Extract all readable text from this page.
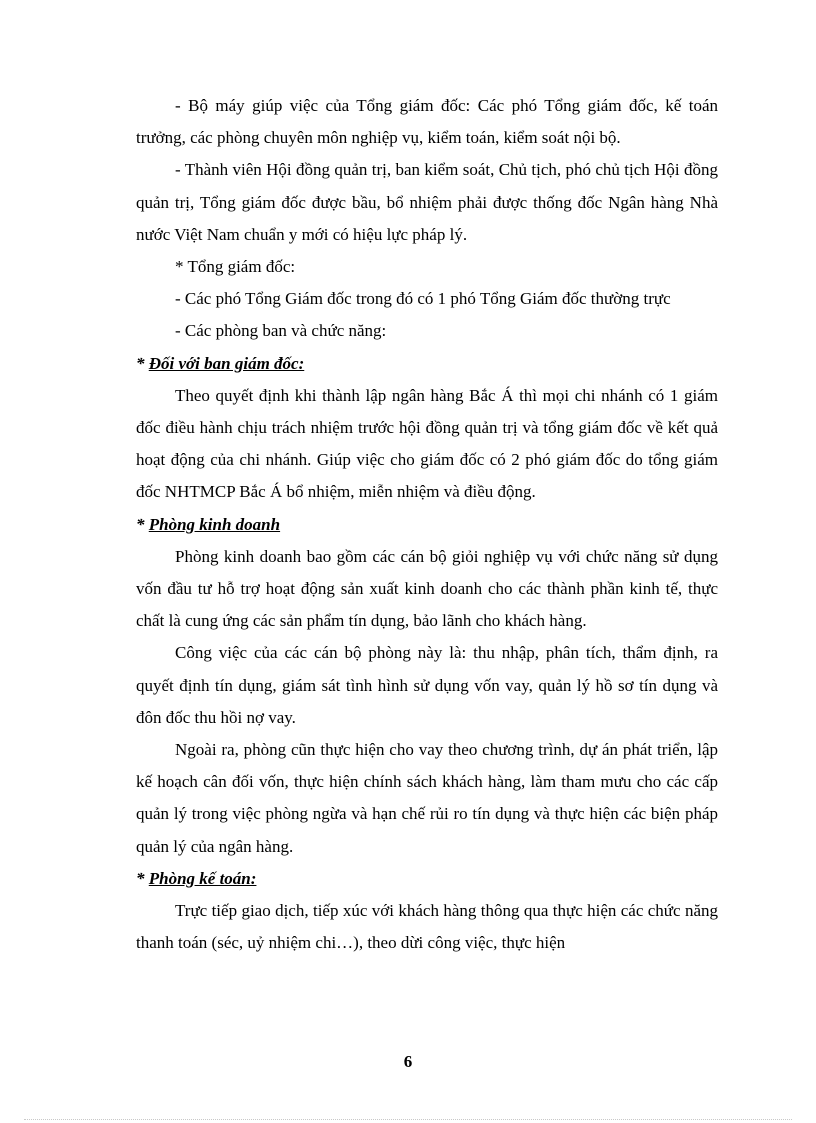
- Bộ máy giúp việc của Tổng giám đốc: Các phó Tổng giám đốc, kế toán trưởng, các phòng chuyên môn nghiệp vụ, kiểm toán, kiểm soát nội bộ.

- Thành viên Hội đồng quản trị, ban kiểm soát, Chủ tịch, phó chủ tịch Hội đồng quản trị, Tổng giám đốc được bầu, bổ nhiệm phải được thống đốc Ngân hàng Nhà nước Việt Nam chuẩn y mới có hiệu lực pháp lý.

* Tổng giám đốc:

- Các phó Tổng Giám đốc trong đó có 1 phó Tổng Giám đốc thường trực

- Các phòng ban và chức năng:

* Đối với ban giám đốc:

Theo quyết định khi thành lập ngân hàng Bắc Á thì mọi chi nhánh có 1 giám đốc điều hành chịu trách nhiệm trước hội đồng quản trị và tổng giám đốc về kết quả hoạt động của chi nhánh. Giúp việc cho giám đốc có 2 phó giám đốc do tổng giám đốc NHTMCP Bắc Á bổ nhiệm, miễn nhiệm và điều động.

* Phòng kinh doanh

Phòng kinh doanh bao gồm các cán bộ giỏi nghiệp vụ với chức năng sử dụng vốn đầu tư hỗ trợ hoạt động sản xuất kinh doanh cho các thành phần kinh tế, thực chất là cung ứng các sản phẩm tín dụng, bảo lãnh cho khách hàng.

Công việc của các cán bộ phòng này là: thu nhập, phân tích, thẩm định, ra quyết định tín dụng, giám sát tình hình sử dụng vốn vay, quản lý hồ sơ tín dụng và đôn đốc thu hồi nợ vay.

Ngoài ra, phòng cũn thực hiện cho vay theo chương trình, dự án phát triển, lập kế hoạch cân đối vốn, thực hiện chính sách khách hàng, làm tham mưu cho các cấp quản lý trong việc phòng ngừa và hạn chế rủi ro tín dụng và thực hiện các biện pháp quản lý của ngân hàng.

* Phòng kế toán:

Trực tiếp giao dịch, tiếp xúc với khách hàng thông qua thực hiện các chức năng thanh toán (séc, uỷ nhiệm chi…), theo dừi công việc, thực hiện

6
